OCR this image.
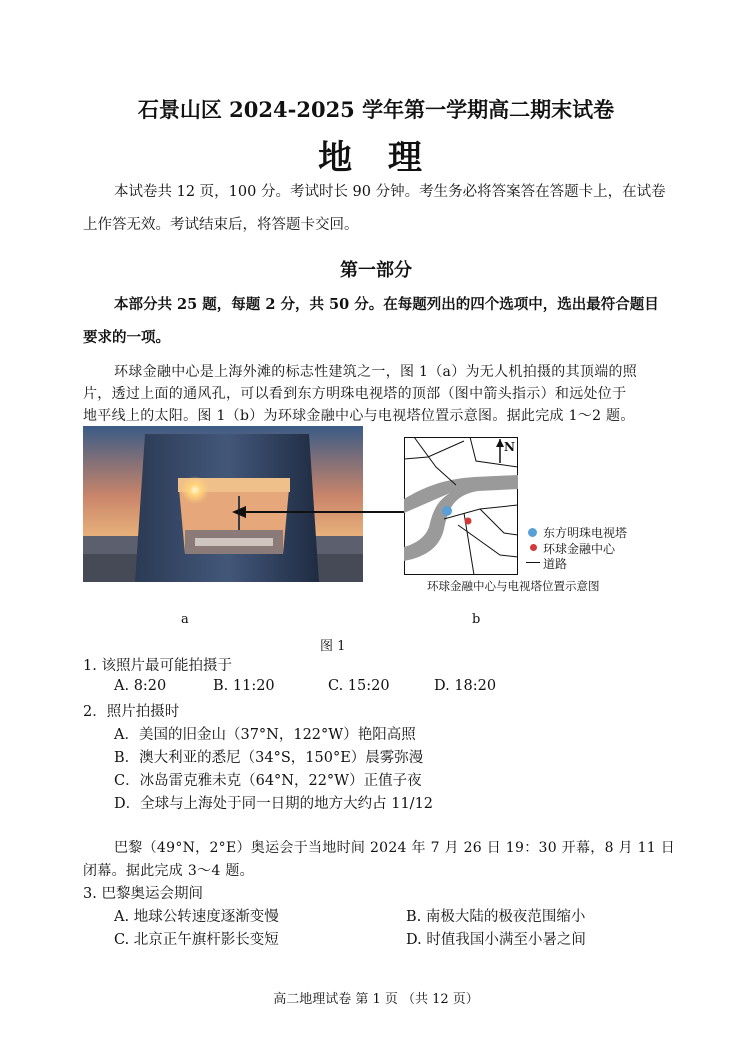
石景山区 2024-2025 学年第一学期高二期末试卷
地 理
本试卷共 12 页，100 分。考试时长 90 分钟。考生务必将答案答在答题卡上，在试卷
上作答无效。考试结束后，将答题卡交回。
第一部分
本部分共 25 题，每题 2 分，共 50 分。在每题列出的四个选项中，选出最符合题目
要求的一项。
环球金融中心是上海外滩的标志性建筑之一，图 1（a）为无人机拍摄的其顶端的照
片，透过上面的通风孔，可以看到东方明珠电视塔的顶部（图中箭头指示）和远处位于
地平线上的太阳。图 1（b）为环球金融中心与电视塔位置示意图。据此完成 1～2 题。
N
东方明珠电视塔
环球金融中心
道路
环球金融中心与电视塔位置示意图
a	b
图 1
1. 该照片最可能拍摄于
A. 8:20	B. 11:20	C. 15:20	D. 18:20
2．照片拍摄时
A．美国的旧金山（37°N，122°W）艳阳高照
B．澳大利亚的悉尼（34°S，150°E）晨雾弥漫
C．冰岛雷克雅未克（64°N，22°W）正值子夜
D．全球与上海处于同一日期的地方大约占 11/12
巴黎（49°N，2°E）奥运会于当地时间 2024 年 7 月 26 日 19：30 开幕，8 月 11 日
闭幕。据此完成 3～4 题。
3. 巴黎奥运会期间
A. 地球公转速度逐渐变慢	B. 南极大陆的极夜范围缩小
C. 北京正午旗杆影长变短	D. 时值我国小满至小暑之间
高二地理试卷 第 1 页 （共 12 页）
